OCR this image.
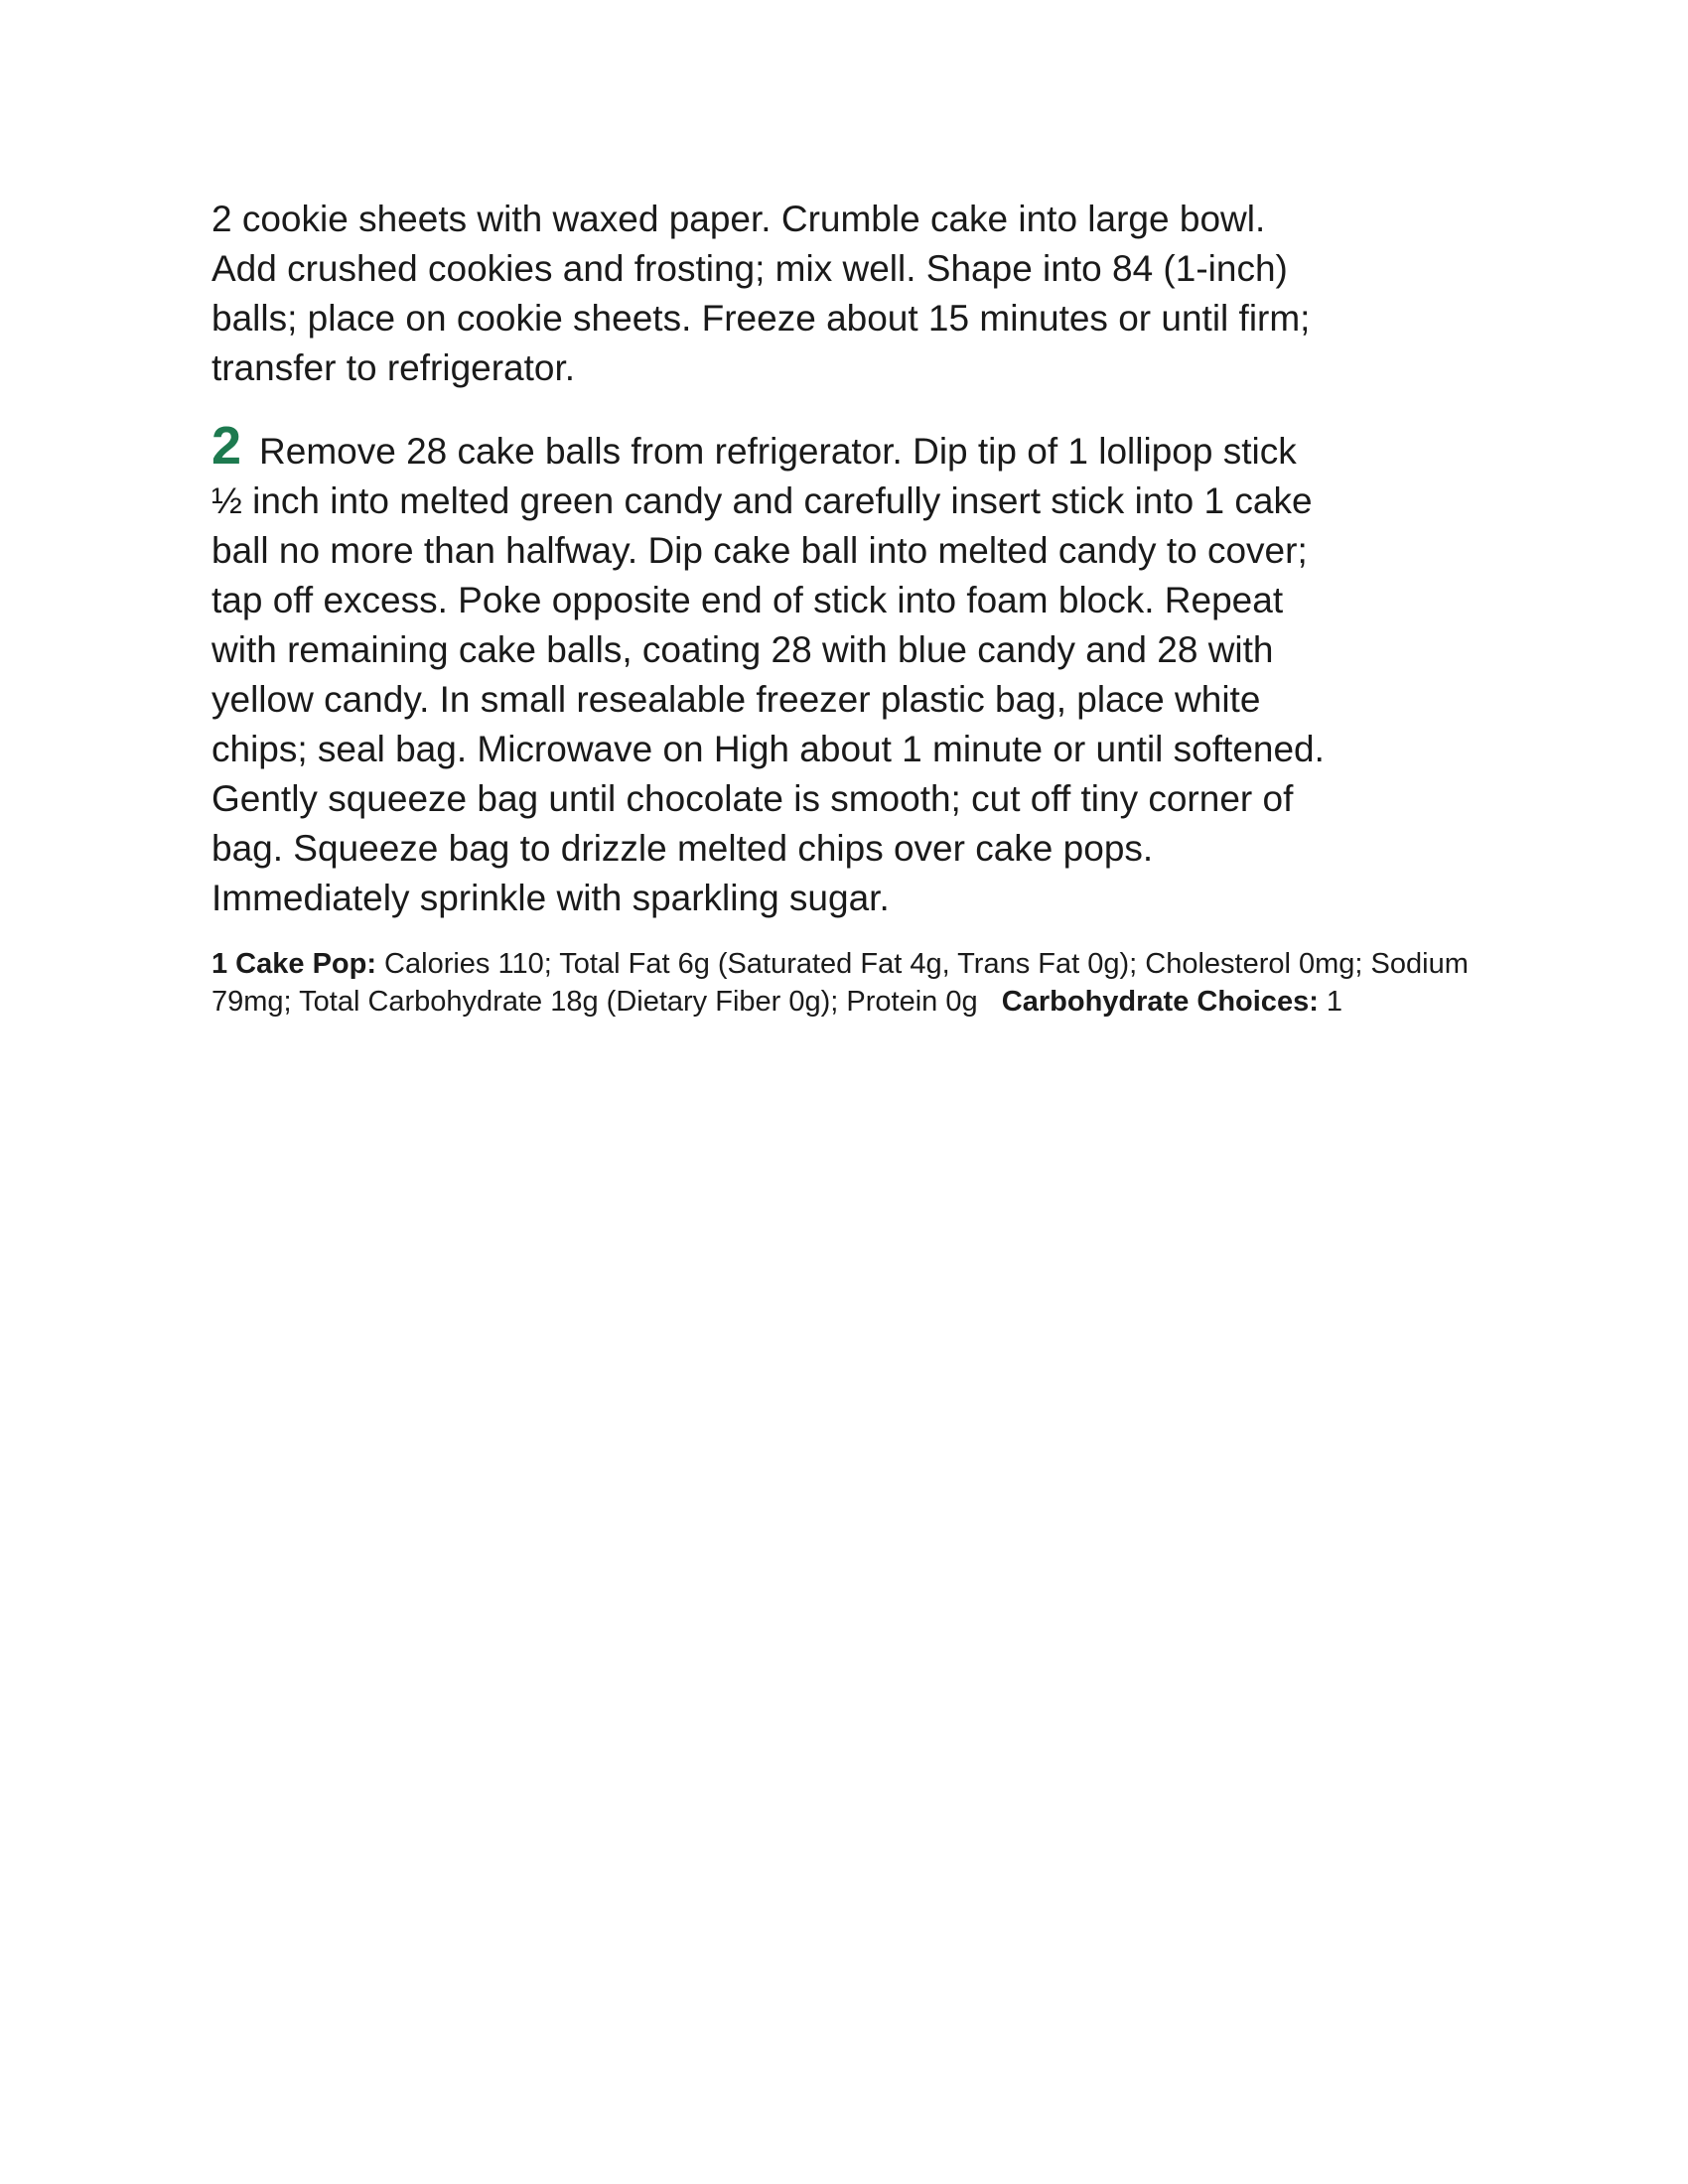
2 cookie sheets with waxed paper. Crumble cake into large bowl.
Add crushed cookies and frosting; mix well. Shape into 84 (1-inch)
balls; place on cookie sheets. Freeze about 15 minutes or until firm;
transfer to refrigerator.

2 Remove 28 cake balls from refrigerator. Dip tip of 1 lollipop stick
½ inch into melted green candy and carefully insert stick into 1 cake
ball no more than halfway. Dip cake ball into melted candy to cover;
tap off excess. Poke opposite end of stick into foam block. Repeat
with remaining cake balls, coating 28 with blue candy and 28 with
yellow candy. In small resealable freezer plastic bag, place white
chips; seal bag. Microwave on High about 1 minute or until softened.
Gently squeeze bag until chocolate is smooth; cut off tiny corner of
bag. Squeeze bag to drizzle melted chips over cake pops.
Immediately sprinkle with sparkling sugar.

1 Cake Pop: Calories 110; Total Fat 6g (Saturated Fat 4g, Trans Fat 0g); Cholesterol 0mg; Sodium 79mg; Total Carbohydrate 18g (Dietary Fiber 0g); Protein 0g   Carbohydrate Choices: 1
